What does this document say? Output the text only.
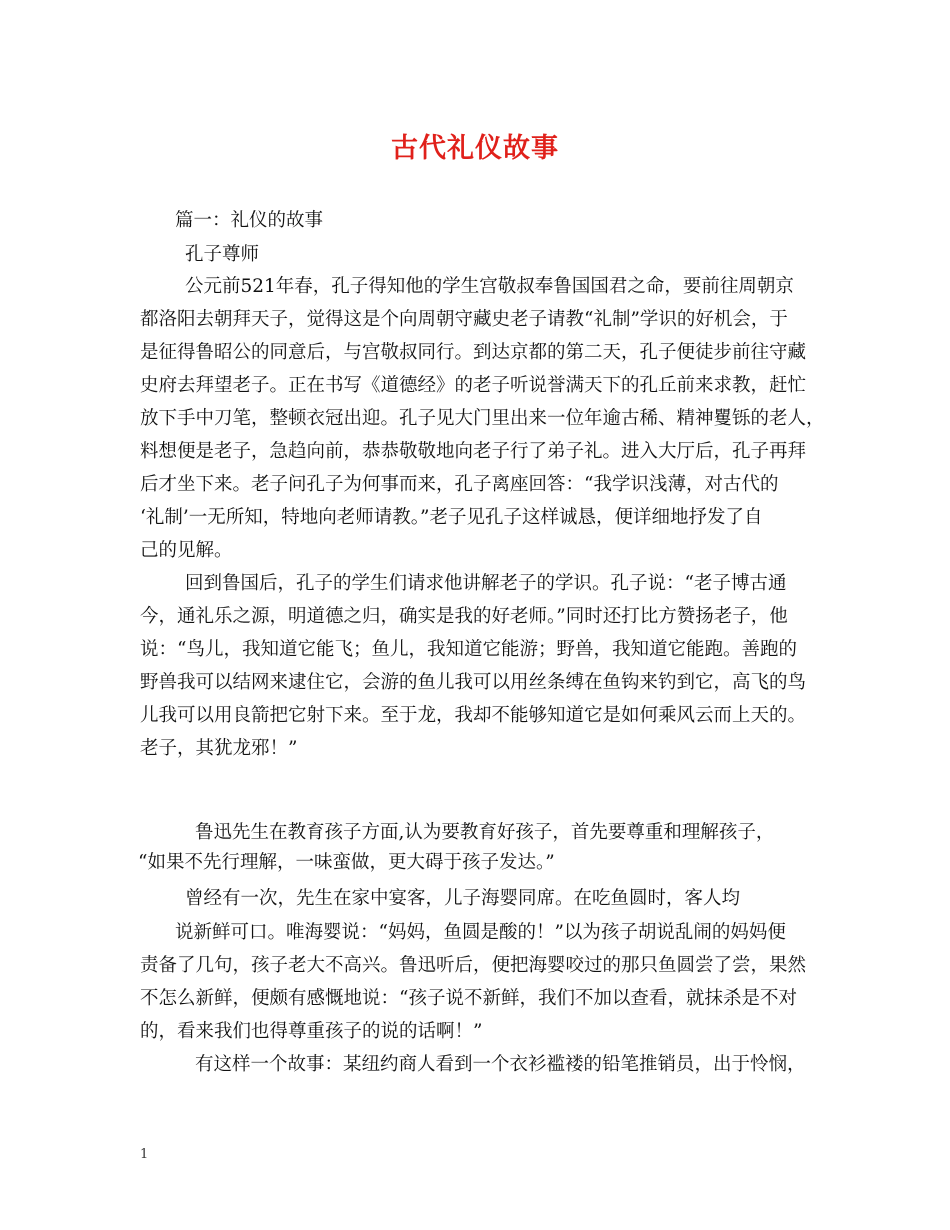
古代礼仪故事

篇一：礼仪的故事

孔子尊师

公元前521年春，孔子得知他的学生宫敬叔奉鲁国国君之命，要前往周朝京

都洛阳去朝拜天子，觉得这是个向周朝守藏史老子请教“礼制”学识的好机会，于

是征得鲁昭公的同意后，与宫敬叔同行。到达京都的第二天，孔子便徒步前往守藏

史府去拜望老子。正在书写《道德经》的老子听说誉满天下的孔丘前来求教，赶忙

放下手中刀笔，整顿衣冠出迎。孔子见大门里出来一位年逾古稀、精神矍铄的老人，

料想便是老子，急趋向前，恭恭敬敬地向老子行了弟子礼。进入大厅后，孔子再拜

后才坐下来。老子问孔子为何事而来，孔子离座回答：“我学识浅薄，对古代的

‘礼制’一无所知，特地向老师请教。”老子见孔子这样诚恳，便详细地抒发了自

己的见解。

回到鲁国后，孔子的学生们请求他讲解老子的学识。孔子说：“老子博古通

今，通礼乐之源，明道德之归，确实是我的好老师。”同时还打比方赞扬老子，他

说：“鸟儿，我知道它能飞；鱼儿，我知道它能游；野兽，我知道它能跑。善跑的

野兽我可以结网来逮住它，会游的鱼儿我可以用丝条缚在鱼钩来钓到它，高飞的鸟

儿我可以用良箭把它射下来。至于龙，我却不能够知道它是如何乘风云而上天的。

老子，其犹龙邪！”

鲁迅先生在教育孩子方面,认为要教育好孩子，首先要尊重和理解孩子，

“如果不先行理解，一味蛮做，更大碍于孩子发达。”

曾经有一次，先生在家中宴客，儿子海婴同席。在吃鱼圆时，客人均

说新鲜可口。唯海婴说：“妈妈，鱼圆是酸的！”以为孩子胡说乱闹的妈妈便

责备了几句，孩子老大不高兴。鲁迅听后，便把海婴咬过的那只鱼圆尝了尝，果然

不怎么新鲜，便颇有感慨地说：“孩子说不新鲜，我们不加以查看，就抹杀是不对

的，看来我们也得尊重孩子的说的话啊！”

有这样一个故事：某纽约商人看到一个衣衫褴褛的铅笔推销员，出于怜悯，

1
